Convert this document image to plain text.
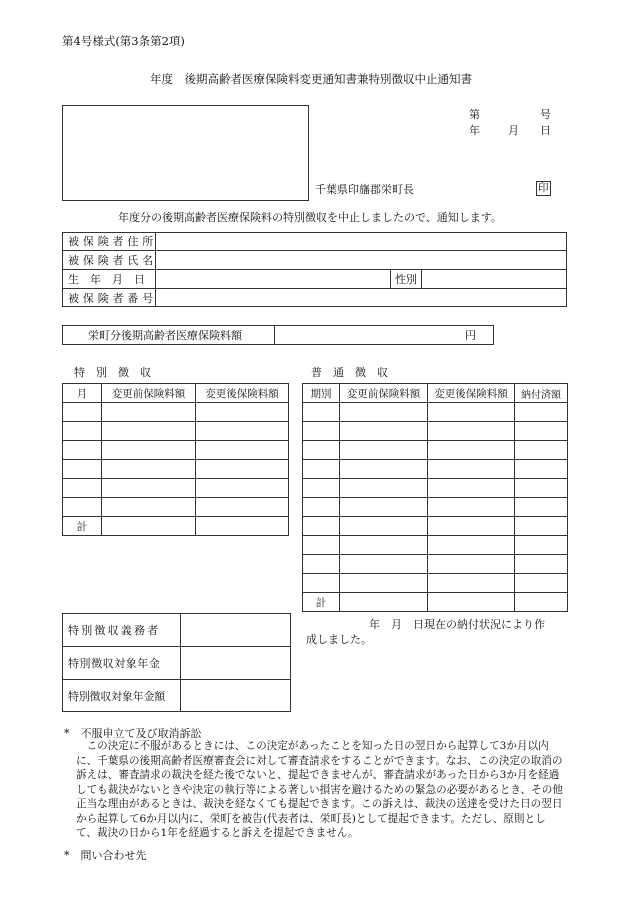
第4号様式(第3条第2項)
年度　後期高齢者医療保険料変更通知書兼特別徴収中止通知書
第	号
年	月 日
千葉県印旛郡栄町長	印
年度分の後期高齢者医療保険料の特別徴収を中止しましたので、通知します。
被保険者住所
被保険者氏名
生　年　月　日	性別
被保険者番号
栄町分後期高齢者医療保険料額	円
特　別　徴　収
月	変更前保険料額	変更後保険料額

計		
普　通　徴　収
期別	変更前保険料額	変更後保険料額	納付済額

計			
年　月　日現在の納付状況により作
成しました。
特別徴収義務者
特別徴収対象年金
特別徴収対象年金額
*　不服申立て及び取消訴訟
この決定に不服があるときには、この決定があったことを知った日の翌日から起算して3か月以内に、千葉県の後期高齢者医療審査会に対して審査請求をすることができます。なお、この決定の取消の訴えは、審査請求の裁決を経た後でないと、提起できませんが、審査請求があった日から3か月を経過しても裁決がないときや決定の執行等による著しい損害を避けるための緊急の必要があるとき、その他正当な理由があるときは、裁決を経なくても提起できます。この訴えは、裁決の送達を受けた日の翌日から起算して6か月以内に、栄町を被告(代表者は、栄町長)として提起できます。ただし、原則として、裁決の日から1年を経過すると訴えを提起できません。
*　問い合わせ先
